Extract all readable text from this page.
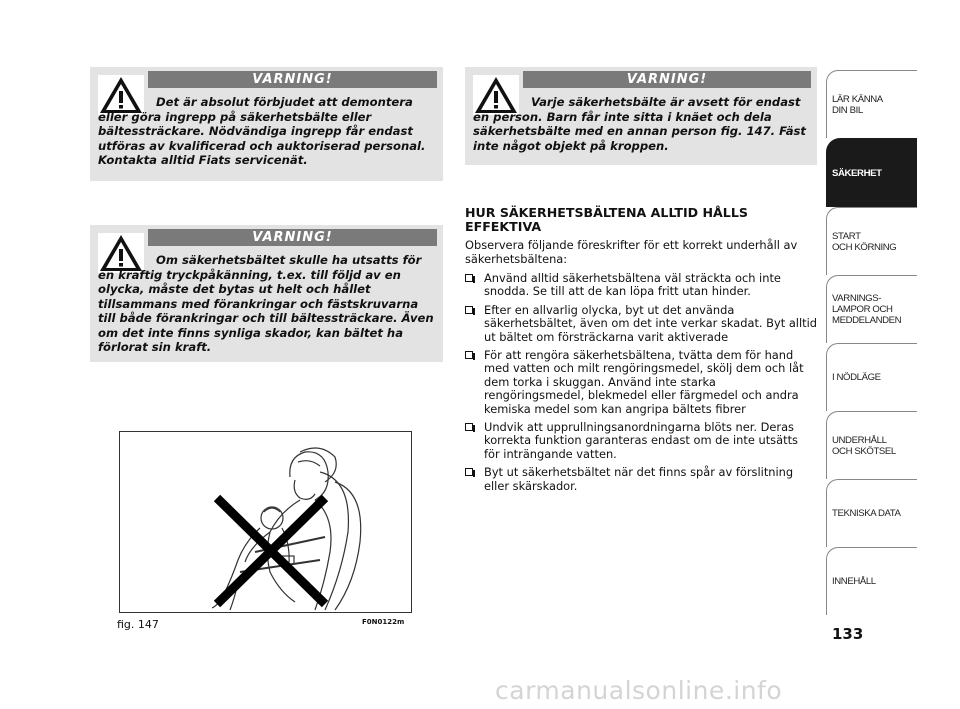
VARNING!

Det är absolut förbjudet att demontera eller göra ingrepp på säkerhetsbälte eller bältessträckare. Nödvändiga ingrepp får endast utföras av kvalificerad och auktoriserad personal. Kontakta alltid Fiats servicenät.

VARNING!

Om säkerhetsbältet skulle ha utsatts för en kraftig tryckpåkänning, t.ex. till följd av en olycka, måste det bytas ut helt och hållet tillsammans med förankringar och fästskruvarna till både förankringar och till bältessträckare. Även om det inte finns synliga skador, kan bältet ha förlorat sin kraft.

VARNING!

Varje säkerhetsbälte är avsett för endast en person. Barn får inte sitta i knäet och dela säkerhetsbälte med en annan person fig. 147. Fäst inte något objekt på kroppen.

HUR SÄKERHETSBÄLTENA ALLTID HÅLLS EFFEKTIVA

Observera följande föreskrifter för ett korrekt underhåll av säkerhetsbältena:

Använd alltid säkerhetsbältena väl sträckta och inte snodda. Se till att de kan löpa fritt utan hinder.
Efter en allvarlig olycka, byt ut det använda säkerhetsbältet, även om det inte verkar skadat. Byt alltid ut bältet om försträckarna varit aktiverade
För att rengöra säkerhetsbältena, tvätta dem för hand med vatten och milt rengöringsmedel, skölj dem och låt dem torka i skuggan. Använd inte starka rengöringsmedel, blekmedel eller färgmedel och andra kemiska medel som kan angripa bältets fibrer
Undvik att upprullningsanordningarna blöts ner. Deras korrekta funktion garanteras endast om de inte utsätts för inträngande vatten.
Byt ut säkerhetsbältet när det finns spår av förslitning eller skärskador.
fig. 147	F0N0122m
LÄR KÄNNA
DIN BIL
SÄKERHET
START
OCH KÖRNING
VARNINGS-
LAMPOR OCH
MEDDELANDEN
I NÖDLÄGE
UNDERHÅLL
OCH SKÖTSEL
TEKNISKA DATA
INNEHÅLL
133
carmanualsonline.info
